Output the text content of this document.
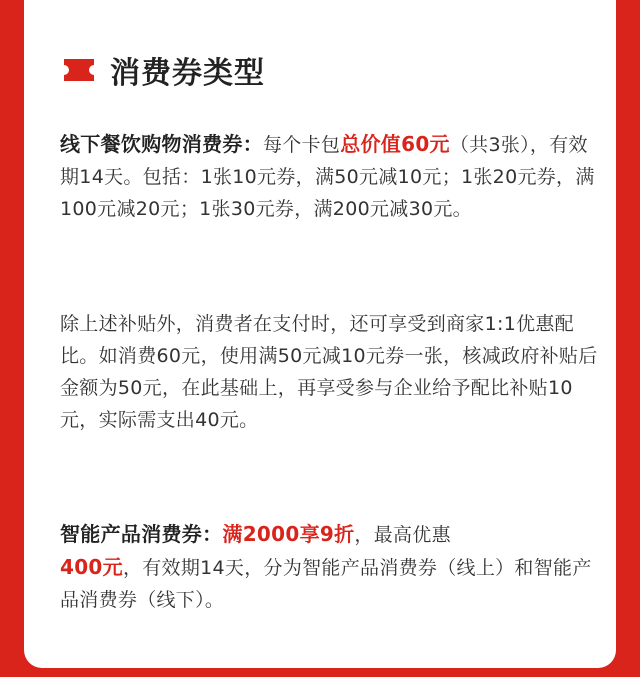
消费券类型
线下餐饮购物消费券：每个卡包总价值60元（共3张），有效期14天。包括：1张10元券，满50元减10元；1张20元券，满100元减20元；1张30元券，满200元减30元。
除上述补贴外，消费者在支付时，还可享受到商家1:1优惠配比。如消费60元，使用满50元减10元券一张，核减政府补贴后金额为50元，在此基础上，再享受参与企业给予配比补贴10元，实际需支出40元。
智能产品消费券：满2000享9折，最高优惠
400元，有效期14天，分为智能产品消费券（线上）和智能产品消费券（线下）。
